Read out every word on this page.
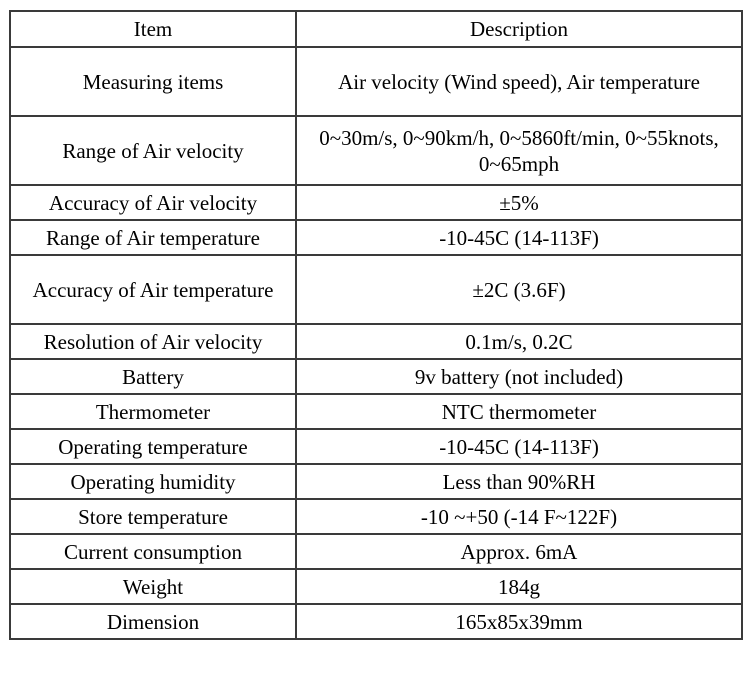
Item	Description
Measuring items	Air velocity (Wind speed), Air temperature
Range of Air velocity	0~30m/s, 0~90km/h, 0~5860ft/min, 0~55knots, 0~65mph
Accuracy of Air velocity	±5%
Range of Air temperature	-10-45C (14-113F)
Accuracy of Air temperature	±2C (3.6F)
Resolution of Air velocity	0.1m/s, 0.2C
Battery	9v battery (not included)
Thermometer	NTC thermometer
Operating temperature	-10-45C (14-113F)
Operating humidity	Less than 90%RH
Store temperature	-10 ~+50 (-14 F~122F)
Current consumption	Approx. 6mA
Weight	184g
Dimension	165x85x39mm
